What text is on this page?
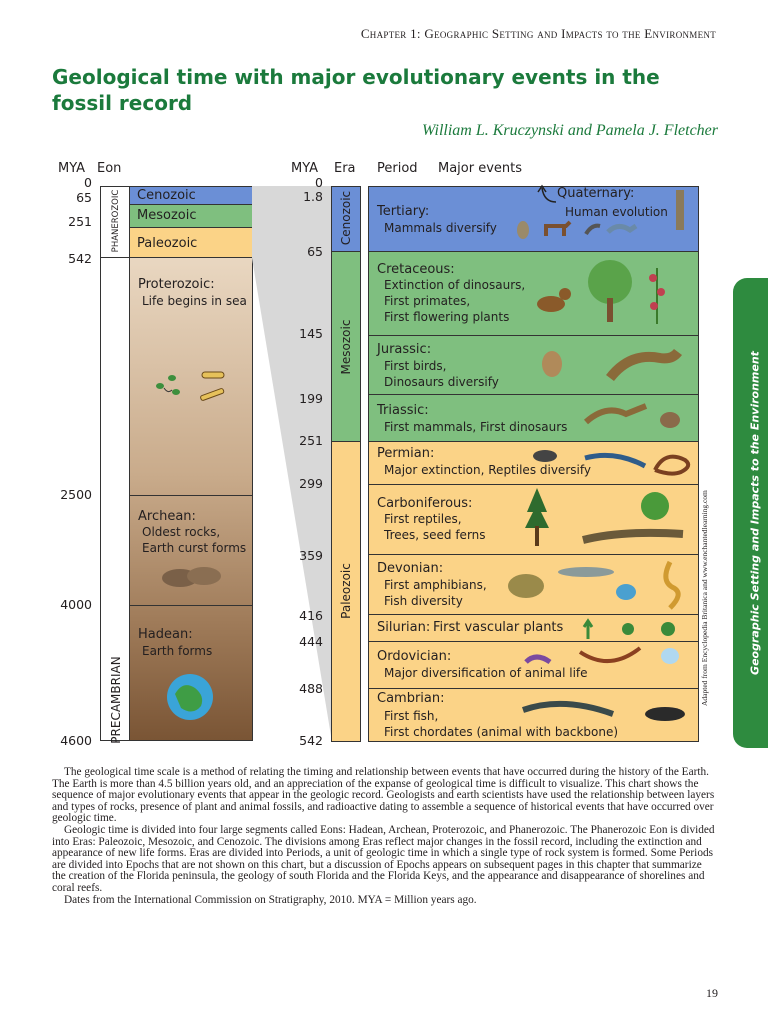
Chapter 1: Geographic Setting and Impacts to the Environment
Geological time with major evolutionary events in the fossil record
William L. Kruczynski and Pamela J. Fletcher
MYA Eon
0
65
251
542
2500
4000
4600
PHANEROZOIC
PRECAMBRIAN
Cenozoic
Mesozoic
Paleozoic
Proterozoic:
Life begins in sea
Archean:
Oldest rocks,
Earth curst forms
Hadean:
Earth forms
MYA Era Period Major events
0
1.8
65
145
199
251
299
359
416
444
488
542
Cenozoic
Mesozoic
Paleozoic
Quaternary:
Human evolution
Tertiary:
Mammals diversify
Cretaceous:
Extinction of dinosaurs,
First primates,
First flowering plants
Jurassic:
First birds,
Dinosaurs diversify
Triassic:
First mammals, First dinosaurs
Permian:
Major extinction, Reptiles diversify
Carboniferous:
First reptiles,
Trees, seed ferns
Devonian:
First amphibians,
Fish diversity
Silurian: First vascular plants
Ordovician:
Major diversification of animal life
Cambrian:
First fish,
First chordates (animal with backbone)
Adapted from Encyclopedia Britanica and www.enchantedlearning.com	Geographic Setting and Impacts to the Environment

The geological time scale is a method of relating the timing and relationship between events that have occurred during the history of the Earth. The Earth is more than 4.5 billion years old, and an appreciation of the expanse of geological time is difficult to visualize. This chart shows the sequence of major evolutionary events that appear in the geologic record. Geologists and earth scientists have used the relationship between layers and types of rocks, presence of plant and animal fossils, and radioactive dating to assemble a sequence of historical events that have occurred over geologic time.

Geologic time is divided into four large segments called Eons: Hadean, Archean, Proterozoic, and Phanerozoic. The Phanerozoic Eon is divided into Eras: Paleozoic, Mesozoic, and Cenozoic. The divisions among Eras reflect major changes in the fossil record, including the extinction and appearance of new life forms. Eras are divided into Periods, a unit of geologic time in which a single type of rock system is formed. Some Periods are divided into Epochs that are not shown on this chart, but a discussion of Epochs appears on subsequent pages in this chapter that summarize the creation of the Florida peninsula, the geology of south Florida and the Florida Keys, and the appearance and disappearance of shorelines and coral reefs.

Dates from the International Commission on Stratigraphy, 2010. MYA = Million years ago.

19
